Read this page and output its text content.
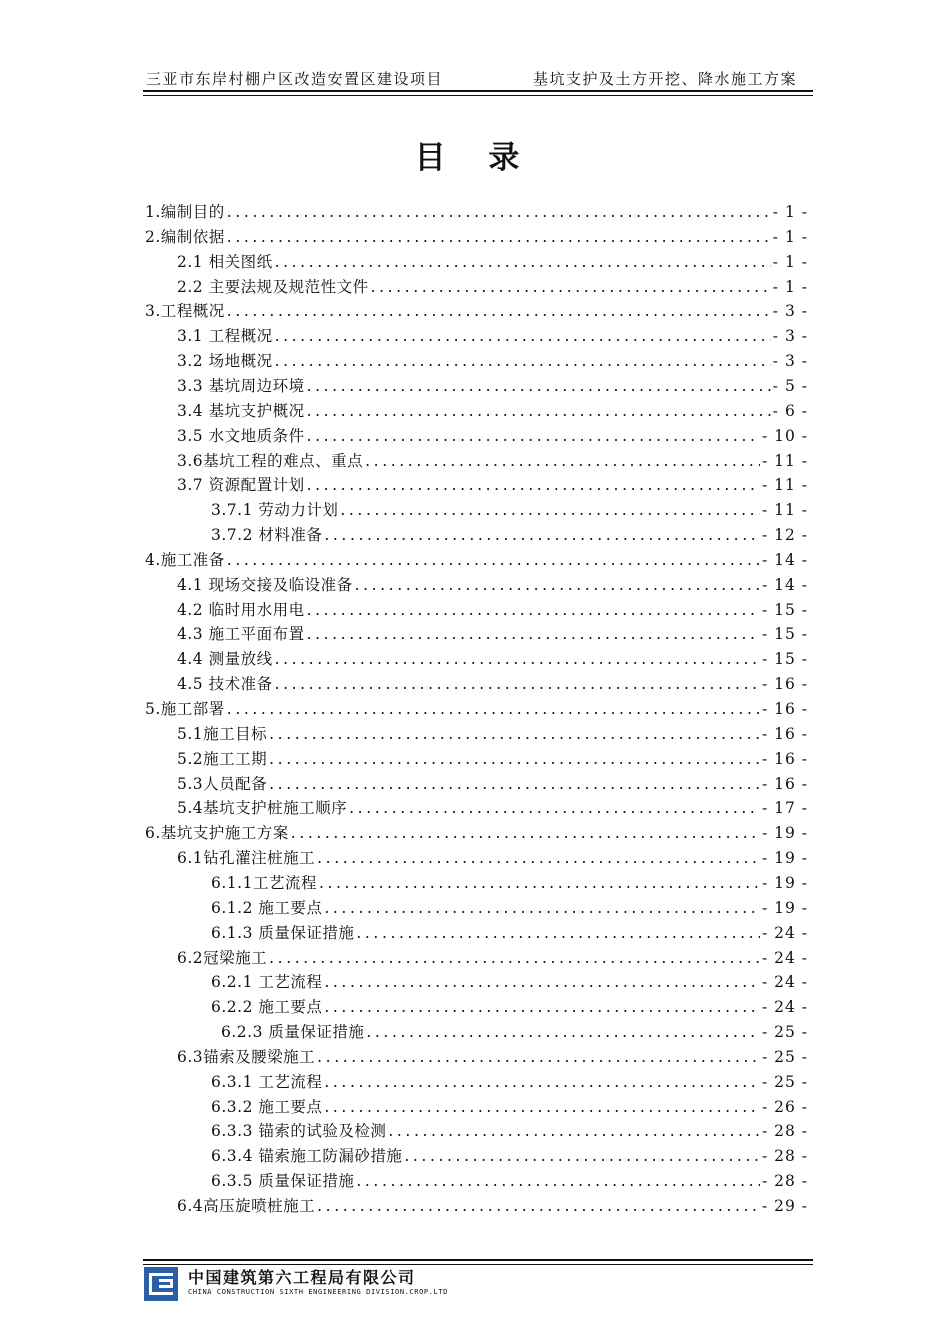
三亚市东岸村棚户区改造安置区建设项目	基坑支护及土方开挖、降水施工方案
目 录
1.编制目的 .....	- 1 -
2.编制依据 .....	- 1 -
2.1 相关图纸 .....	- 1 -
2.2 主要法规及规范性文件 .....	- 1 -
3.工程概况 .....	- 3 -
3.1 工程概况 .....	- 3 -
3.2 场地概况 .....	- 3 -
3.3 基坑周边环境 .....	- 5 -
3.4 基坑支护概况 .....	- 6 -
3.5 水文地质条件 .....	- 10 -
3.6基坑工程的难点、重点 .....	- 11 -
3.7 资源配置计划 .....	- 11 -
3.7.1 劳动力计划 .....	- 11 -
3.7.2 材料准备 .....	- 12 -
4.施工准备 .....	- 14 -
4.1 现场交接及临设准备 .....	- 14 -
4.2 临时用水用电 .....	- 15 -
4.3 施工平面布置 .....	- 15 -
4.4 测量放线 .....	- 15 -
4.5 技术准备 .....	- 16 -
5.施工部署 .....	- 16 -
5.1施工目标 .....	- 16 -
5.2施工工期 .....	- 16 -
5.3人员配备 .....	- 16 -
5.4基坑支护桩施工顺序 .....	- 17 -
6.基坑支护施工方案 .....	- 19 -
6.1钻孔灌注桩施工 .....	- 19 -
6.1.1工艺流程 .....	- 19 -
6.1.2 施工要点 .....	- 19 -
6.1.3 质量保证措施 .....	- 24 -
6.2冠梁施工 .....	- 24 -
6.2.1 工艺流程 .....	- 24 -
6.2.2 施工要点 .....	- 24 -
6.2.3 质量保证措施 .....	- 25 -
6.3锚索及腰梁施工 .....	- 25 -
6.3.1 工艺流程 .....	- 25 -
6.3.2 施工要点 .....	- 26 -
6.3.3 锚索的试验及检测 .....	- 28 -
6.3.4 锚索施工防漏砂措施 .....	- 28 -
6.3.5 质量保证措施 .....	- 28 -
6.4高压旋喷桩施工 .....	- 29 -
中国建筑第六工程局有限公司
CHINA CONSTRUCTION SIXTH ENGINEERING DIVISION.CROP.LTD
